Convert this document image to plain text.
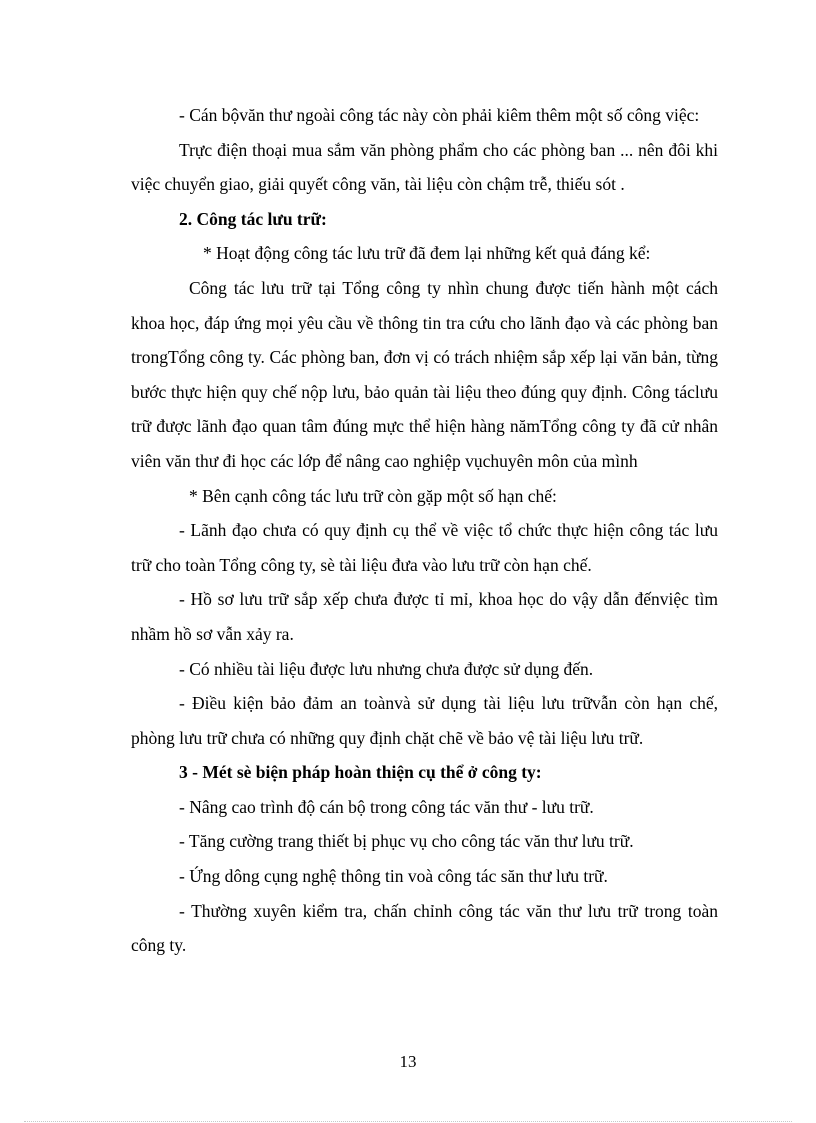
- Cán bộvăn thư ngoài công tác này còn phải kiêm thêm một số công việc:

Trực điện thoại mua sắm văn phòng phẩm cho các phòng ban ... nên đôi khi việc chuyển giao, giải quyết công văn, tài liệu còn chậm trễ, thiếu sót .

2. Công tác lưu trữ:

* Hoạt động công tác lưu trữ đã đem lại những kết quả đáng kể:

Công tác lưu trữ tại Tổng công ty nhìn chung được tiến hành một cách khoa học, đáp ứng mọi yêu cầu về thông tin tra cứu cho lãnh đạo và các phòng ban trongTổng công ty. Các phòng ban, đơn vị có trách nhiệm sắp xếp lại văn bản, từng bước thực hiện quy chế nộp lưu, bảo quản tài liệu theo đúng quy định. Công táclưu trữ được lãnh đạo quan tâm đúng mực thể hiện hàng nămTổng công ty đã cử nhân viên văn thư đi học các lớp để nâng cao nghiệp vụchuyên môn của mình

* Bên cạnh công tác lưu trữ còn gặp một số hạn chế:

- Lãnh đạo chưa có quy định cụ thể về việc tổ chức thực hiện công tác lưu trữ cho toàn Tổng công ty, sè tài liệu đưa vào lưu trữ còn hạn chế.

- Hồ sơ lưu trữ sắp xếp chưa được tỉ mỉ, khoa học do vậy dẫn đếnviệc tìm nhầm hồ sơ vẫn xảy ra.

- Có nhiều tài liệu được lưu nhưng chưa được sử dụng đến.

- Điều kiện bảo đảm an toànvà sử dụng tài liệu lưu trữvẫn còn hạn chế, phòng lưu trữ chưa có những quy định chặt chẽ về bảo vệ tài liệu lưu trữ.

3 - Mét sè biện pháp hoàn thiện cụ thể ở công ty:

- Nâng cao trình độ cán bộ trong công tác văn thư - lưu trữ.

- Tăng cường trang thiết bị phục vụ cho công tác văn thư lưu trữ.

- Ứng dông cụng nghệ thông tin voà công tác săn thư lưu trữ.

- Thường xuyên kiểm tra, chấn chỉnh công tác văn thư lưu trữ trong toàn công ty.

13
